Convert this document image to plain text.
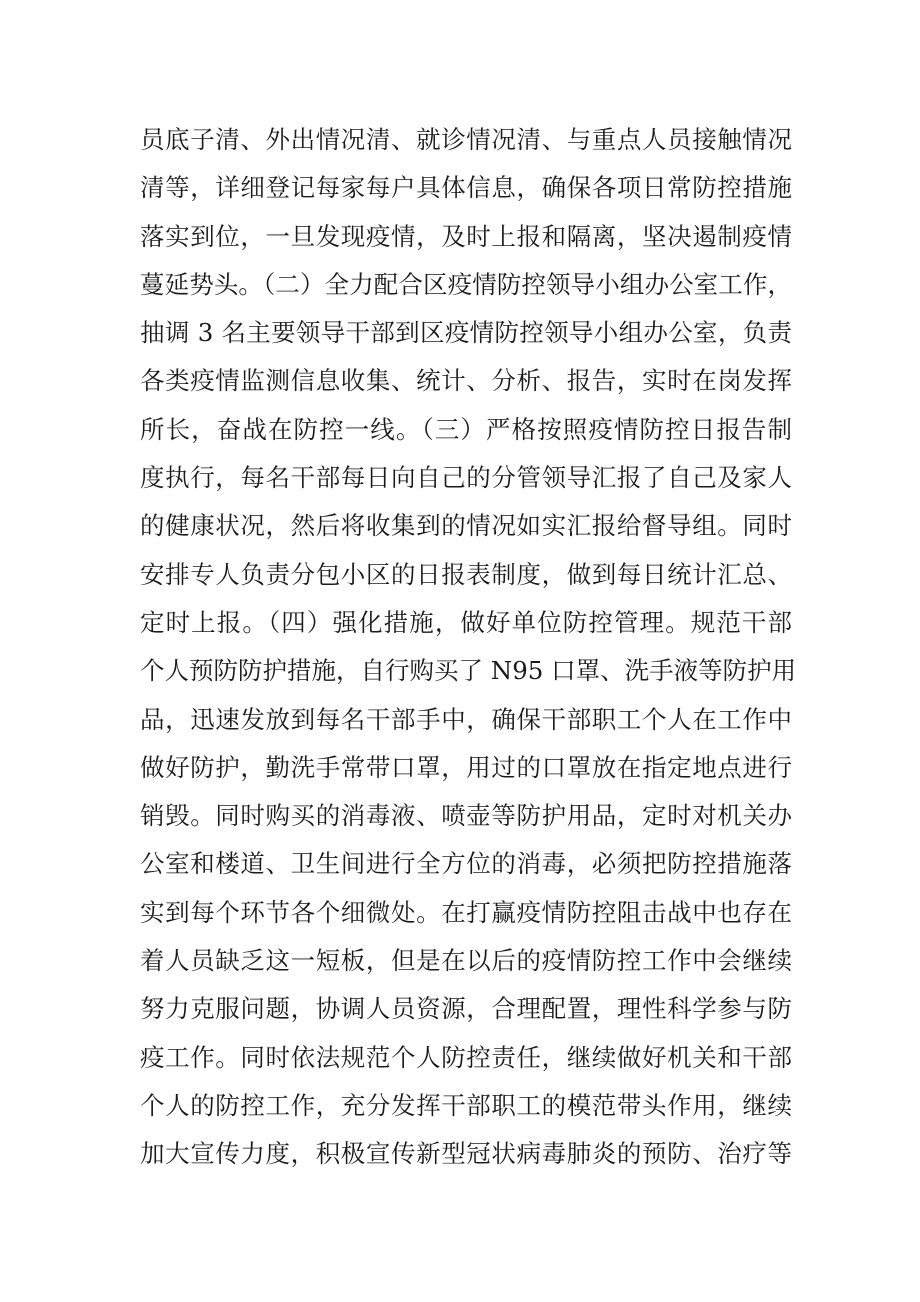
员底子清、外出情况清、就诊情况清、与重点人员接触情况
清等，详细登记每家每户具体信息，确保各项日常防控措施
落实到位，一旦发现疫情，及时上报和隔离，坚决遏制疫情
蔓延势头。（二）全力配合区疫情防控领导小组办公室工作，
抽调 3 名主要领导干部到区疫情防控领导小组办公室，负责
各类疫情监测信息收集、统计、分析、报告，实时在岗发挥
所长，奋战在防控一线。（三）严格按照疫情防控日报告制
度执行，每名干部每日向自己的分管领导汇报了自己及家人
的健康状况，然后将收集到的情况如实汇报给督导组。同时
安排专人负责分包小区的日报表制度，做到每日统计汇总、
定时上报。（四）强化措施，做好单位防控管理。规范干部
个人预防防护措施，自行购买了 N95 口罩、洗手液等防护用
品，迅速发放到每名干部手中，确保干部职工个人在工作中
做好防护，勤洗手常带口罩，用过的口罩放在指定地点进行
销毁。同时购买的消毒液、喷壶等防护用品，定时对机关办
公室和楼道、卫生间进行全方位的消毒，必须把防控措施落
实到每个环节各个细微处。在打赢疫情防控阻击战中也存在
着人员缺乏这一短板，但是在以后的疫情防控工作中会继续
努力克服问题，协调人员资源，合理配置，理性科学参与防
疫工作。同时依法规范个人防控责任，继续做好机关和干部
个人的防控工作，充分发挥干部职工的模范带头作用，继续
加大宣传力度，积极宣传新型冠状病毒肺炎的预防、治疗等
